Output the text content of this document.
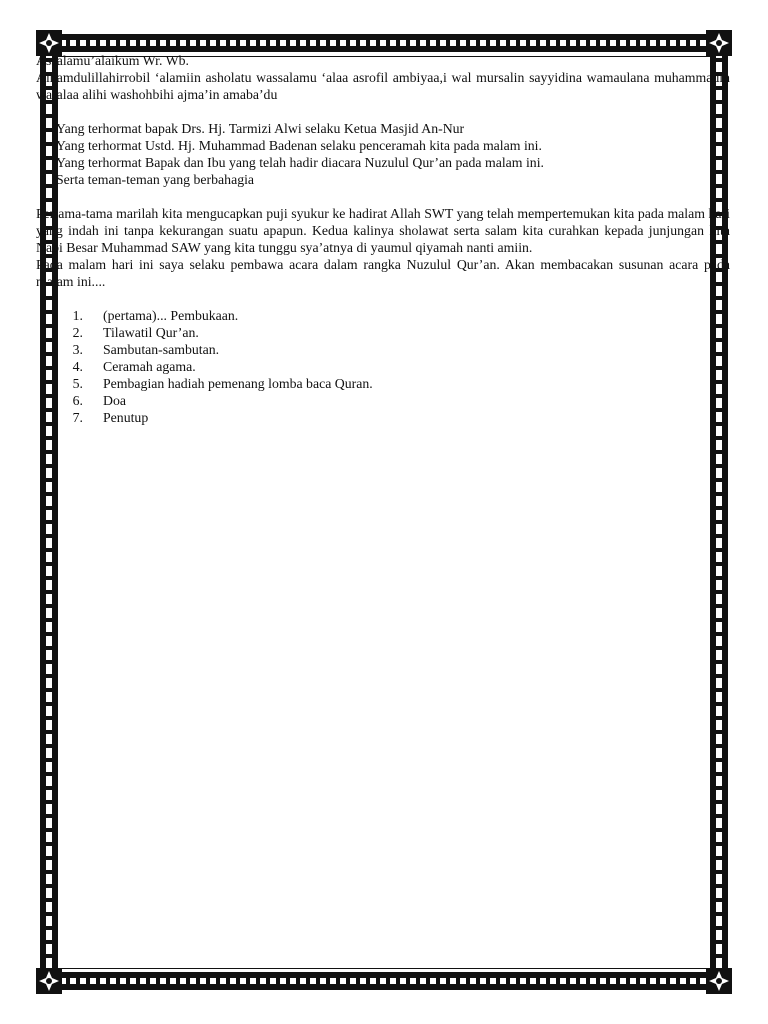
Assalamu’alaikum Wr. Wb.

Alhamdulillahirrobil ‘alamiin asholatu wassalamu ‘alaa asrofil ambiyaa,i wal mursalin sayyidina wamaulana muhammadin wa‘alaa alihi washohbihi ajma’in amaba’du

Yang terhormat bapak Drs. Hj. Tarmizi Alwi selaku Ketua Masjid An-Nur
Yang terhormat Ustd. Hj. Muhammad Badenan selaku penceramah kita pada malam ini.
Yang terhormat Bapak dan Ibu yang telah hadir diacara Nuzulul Qur’an pada malam ini.
Serta teman-teman yang berbahagia

Pertama-tama marilah kita mengucapkan puji syukur ke hadirat Allah SWT yang telah mempertemukan kita pada malam hari yang indah ini tanpa kekurangan suatu apapun. Kedua kalinya sholawat serta salam kita curahkan kepada junjungan kita Nabi Besar Muhammad SAW yang kita tunggu sya’atnya di yaumul qiyamah nanti amiin.

Pada malam hari ini saya selaku pembawa acara dalam rangka Nuzulul Qur’an. Akan membacakan susunan acara pada malam ini....

1.	(pertama)... Pembukaan.
2.	Tilawatil Qur’an.
3.	Sambutan-sambutan.
4.	Ceramah agama.
5.	Pembagian hadiah pemenang lomba baca Quran.
6.	Doa
7.	Penutup
